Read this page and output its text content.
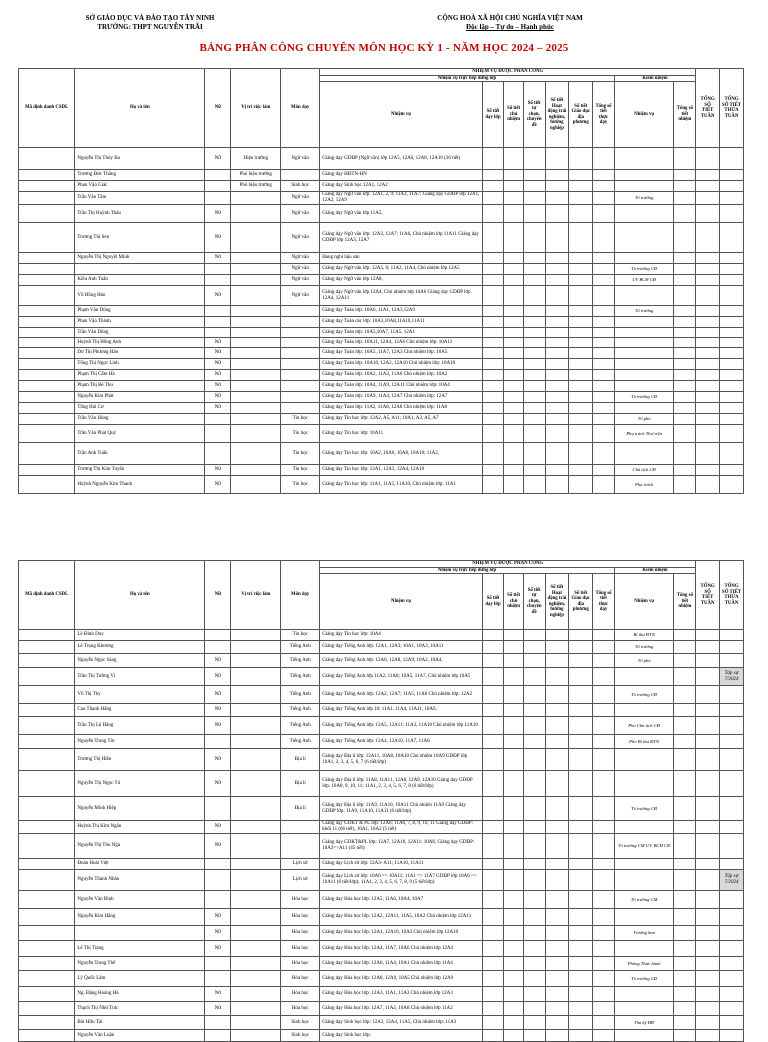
SỞ GIÁO DỤC VÀ ĐÀO TẠO TÂY NINH
TRƯỜNG: THPT NGUYỄN TRÃI
CỘNG HOÀ XÃ HỘI CHỦ NGHĨA VIỆT NAM
Độc lập – Tự do – Hạnh phúc
BẢNG PHÂN CÔNG CHUYÊN MÔN HỌC KỲ 1 - NĂM HỌC 2024 – 2025
Mã định danh CSDL	Họ và tên	Nữ	Vị trí việc làm	Môn dạy	NHIỆM VỤ ĐƯỢC PHÂN CÔNG									TỔNG SỐ TIẾT TUẦN	TỔNG SỐ TIẾT THỪA TUẦN
					Nhiệm vụ trực tiếp đứng lớp							Kiêm nhiệm			
					Nhiệm vụ	Số tiết dạy lớp	Số tiết chủ nhiệm	Số tiết tự chọn, chuyên đề	Số tiết Hoạt động trải nghiệm, hướng nghiệp	Số tiết Giáo dục địa phương	Tổng số tiết thực dạy	Nhiệm vụ	Tổng số tiết nhiệm		
	Nguyễn Thị Thúy Ba	Nữ	Hiệu trưởng	Ngữ văn	Giảng dạy GDĐP (Ngữ văn) lớp 12A5, 12A6, 12A8, 12A10 (36 tiết)										
	Trương Đức Thắng		Phó hiệu trưởng		Giảng dạy HĐTN-HN										
	Phan Văn Giác		Phó hiệu trưởng	Sinh học	Giảng dạy Sinh học 12A1, 12A2										
	Trần Văn Tâm			Ngữ văn	Giảng dạy Ngữ văn lớp: 12A1, 2, 9; 11A3, 11A7; Giảng dạy GDĐP lớp 12A1, 12A2, 12A9							Tổ trưởng			
	Trần Thị Huỳnh Thảo	Nữ		Ngữ văn	Giảng dạy Ngữ văn lớp 11A5,										
	Trương Thị Sen	Nữ		Ngữ văn	Giảng dạy Ngữ văn lớp: 12A3, 12A7; 11A6, Chủ nhiệm lớp 11A11 Giảng dạy GDĐP lớp 12A3, 12A7										
	Nguyễn Thị Nguyệt Minh	Nữ		Ngữ văn	Đang nghỉ hậu sản										
				Ngữ văn	Giảng dạy Ngữ văn lớp: 12A5, 6; 11A2, 11A4, Chủ nhiệm lớp 12A5							Tổ trưởng CĐ			
	Kiều Anh Tuấn			Ngữ văn	Giảng dạy Ngữ văn lớp 12A8,							UV BCH CĐ			
	Võ Hồng Hảo	Nữ		Ngữ văn	Giảng dạy Ngữ văn lớp 12A4, Chủ nhiệm lớp 10A6 Giảng dạy GDĐP lớp 12A4, 12A11										
	Phạm Văn Dũng				Giảng dạy Toán lớp: 10A6, 11A1, 12A3,12A9							Tổ trưởng			
	Phan Văn Thành				Giảng dạy Toán các lớp: 10A3,10A8,11A10,11A11										
	Trần Văn Dũng				Giảng dạy Toán lớp: 10A5,10A7, 11A5, 12A1										
	Huỳnh Thị Hồng Anh	Nữ			Giảng dạy Toán lớp: 10A11, 12A4, 12A6 Chủ nhiệm lớp: 10A11										
	Dư Thị Phương Hảo	Nữ			Giảng dạy Toán lớp: 10A5, 11A7, 12A3 Chủ nhiệm lớp: 10A5										
	Tống Thị Ngọc Linh	Nữ			Giảng dạy Toán lớp: 10A10, 12A2, 12A10 Chủ nhiệm lớp: 10A10										
	Phạm Thị Cẩm Hà	Nữ			Giảng dạy Toán lớp: 10A2, 11A3, 11A6 Chủ nhiệm lớp: 10A2										
	Phạm Thị Bé Thu	Nữ			Giảng dạy Toán lớp: 10A4, 11A9, 12A11 Chủ nhiệm lớp: 10A4										
	Nguyễn Kim Phát	Nữ			Giảng dạy Toán lớp: 10A9, 11A4, 12A7 Chủ nhiệm lớp: 12A7							Tổ trưởng CĐ			
	Tống Hải Cơ	Nữ			Giảng dạy Toán lớp: 11A2, 11A8, 12A8 Chủ nhiệm lớp: 11A8										
	Trần Văn Hùng			Tin học	Giảng dạy Tin học lớp: 12A2, A5, A11; 10A1, A3, A5, A7							Tổ phó			
	Trần Văn Phát Quý			Tin học	Giảng dạy Tin học lớp: 10A11							Phụ trách Thư viện			
	Trần Anh Tuấn			Tin học	Giảng dạy Tin học lớp: 10A2, 10A6, 10A8, 10A10; 11A2,										
	Trương Thị Kim Tuyến	Nữ		Tin học	Giảng dạy Tin học lớp: 12A1, 12A3, 12A4, 12A10							Chủ tịch CĐ			
	Huỳnh Nguyễn Kim Thanh	Nữ		Tin học	Giảng dạy Tin học lớp: 11A1, 11A5, 11A10, Chủ nhiệm lớp: 11A1							Phụ trách			
Mã định danh CSDL	Họ và tên	Nữ	Vị trí việc làm	Môn dạy	NHIỆM VỤ ĐƯỢC PHÂN CÔNG									TỔNG SỐ TIẾT TUẦN	TỔNG SỐ TIẾT THỪA TUẦN
					Nhiệm vụ trực tiếp đứng lớp							Kiêm nhiệm			
					Nhiệm vụ	Số tiết dạy lớp	Số tiết chủ nhiệm	Số tiết tự chọn, chuyên đề	Số tiết Hoạt động trải nghiệm, hướng nghiệp	Số tiết Giáo dục địa phương	Tổng số tiết thực dạy	Nhiệm vụ	Tổng số tiết nhiệm		
	Lê Đình Duy			Tin học	Giảng dạy Tin học lớp: 10A4							Bí thư ĐTN			
	Lê Trọng Khương			Tiếng Anh	Giảng dạy Tiếng Anh lớp: 12A1, 12A3; 10A1, 10A3, 10A11							Tổ trưởng			
	Nguyễn Ngọc Sáng	Nữ		Tiếng Anh	Giảng dạy Tiếng Anh lớp: 12A6, 12A8, 12A9; 10A2, 10A4,							Tổ phó			
	Trần Thị Tường Vi	Nữ		Tiếng Anh	Giảng dạy Tiếng Anh lớp 11A2, 11A8; 10A5, 11A7, Chủ nhiệm lớp 10A5										Tập sự 7/2024
	Võ Thị Thy	Nữ		Tiếng Anh	Giảng dạy Tiếng Anh lớp: 12A2, 12A7; 11A5, 11A6 Chủ nhiệm lớp: 12A2							Tổ trưởng CĐ			
	Cao Thanh Hằng	Nữ		Tiếng Anh	Giảng dạy Tiếng Anh lớp 10: 11A1, 11A4, 11A11, 10A6,										
	Trần Thị Lệ Hằng	Nữ		Tiếng Anh	Giảng dạy Tiếng Anh lớp: 12A5, 12A11; 11A3, 11A10 Chủ nhiệm lớp 11A10							Phó Chủ tịch CĐ			
	Nguyễn Trung Tín			Tiếng Anh	Giảng dạy Tiếng Anh lớp: 12A4, 12A10, 11A7, 11A8							Phó Bí thư ĐTN			
	Trương Thị Hiền	Nữ		Địa lí	Giảng dạy Địa lí lớp: 12A11, 10A8, 10A10 Chủ nhiệm 10A9 GDĐP lớp 10A1, 2, 3, 4, 5, 6, 7 (6 tiết/lớp)										
	Nguyễn Thị Ngọc Tú	Nữ		Địa lí	Giảng dạy Địa lí lớp: 11A8, 11A11, 12A8, 12A9, 12A10 Giảng dạy GDĐP lớp: 10A8, 9, 10, 11; 11A1, 2, 3, 4, 5, 6, 7, 8 (6 tiết/lớp)										
	Nguyễn Minh Hiệp			Địa lí	Giảng dạy Địa lí lớp: 11A9, 11A10, 10A11 Chủ nhiệm 11A9 Giảng dạy GDĐP lớp: 11A9, 11A10, 11A11 (6 tiết/lớp)							Tổ trưởng CĐ			
	Huỳnh Thị Kim Ngân	Nữ			Giảng dạy GDKT & PL lớp: 12A6; 11A6, 7, 8, 9, 10, 11 Giảng dạy GDĐP: khối 11 (66 tiết), 10A1, 10A2 (5 tiết)										
	Nguyễn Thị Thu Nga	Nữ			Giảng dạy GDKT&PL lớp: 12A7, 12A10, 12A11; 10A8, Giảng dạy GDĐP: 10A3=>A11 (45 tiết)							Tổ trưởng CM UV. BCH CĐ			
	Đoàn Hoài Việt			Lịch sử	Giảng dạy Lịch sử lớp: 12A3- A11; 11A10, 11A11										
	Nguyễn Thành Nhân			Lịch sử	Giảng dạy Lịch sử lớp: 10A6 => 10A11; 11A1 => 11A7 GDĐP lớp 10A6 => 10A11 (6 tiết/lớp); 11A1, 2, 3, 4, 5, 6, 7, 8, 9 (5 tiết/lớp)										Tập sự 7/2024
	Nguyễn Văn Bình			Hóa học	Giảng dạy Hóa học lớp: 12A5, 11A6, 10A4, 10A7							Tổ trưởng CM			
	Nguyễn Kim Hằng	Nữ		Hóa học	Giảng dạy Hóa học lớp: 12A2, 12A11, 11A5, 10A2 Chủ nhiệm lớp 12A11										
		Nữ		Hóa học	Giảng dạy Hóa học lớp: 12A1, 12A10, 10A3 Chủ nhiệm lớp 12A10							Trưởng ban			
	Lê Thị Trang	Nữ		Hóa học	Giảng dạy Hóa học lớp: 12A4, 11A7, 10A6 Chủ nhiệm lớp 12A4										
	Nguyễn Trung Thể			Hóa học	Giảng dạy Hóa học lớp: 12A6, 11A4, 10A1 Chủ nhiệm lớp 11A4							Phòng Thực hành			
	Lý Quốc Lâm			Hóa học	Giảng dạy Hóa học lớp: 12A8, 12A9, 10A5 Chủ nhiệm lớp 12A9							Tổ trưởng CĐ			
	Ng. Đặng Hoàng Hà	Nữ		Hóa học	Giảng dạy Hóa học lớp: 12A3, 11A1, 11A3 Chủ nhiệm lớp 12A3										
	Thạch Thị Nhứ Trúc	Nữ		Hóa học	Giảng dạy Hóa học lớp: 12A7, 11A2, 10A8 Chủ nhiệm lớp 11A2										
	Bùi Hữu Tài			Sinh học	Giảng dạy Sinh học lớp: 12A3, 12A4, 11A5, Chủ nhiệm lớp: 11A3							Thủ kỹ HĐ			
	Nguyễn Văn Luận			Sinh học	Giảng dạy Sinh học lớp:										
